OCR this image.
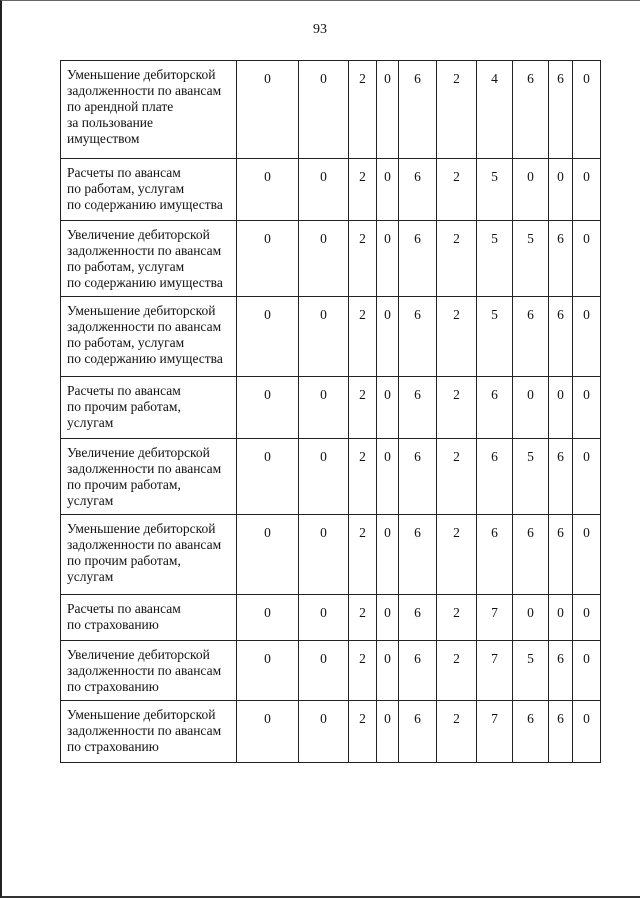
93
Уменьшение дебиторской
задолженности по авансам
по арендной плате
за пользование
имуществом	0	0	2	0	6	2	4	6	6	0

Расчеты по авансам
по работам, услугам
по содержанию имущества	0	0	2	0	6	2	5	0	0	0

Увеличение дебиторской
задолженности по авансам
по работам, услугам
по содержанию имущества	0	0	2	0	6	2	5	5	6	0

Уменьшение дебиторской
задолженности по авансам
по работам, услугам
по содержанию имущества	0	0	2	0	6	2	5	6	6	0

Расчеты по авансам
по прочим работам,
услугам	0	0	2	0	6	2	6	0	0	0

Увеличение дебиторской
задолженности по авансам
по прочим работам,
услугам	0	0	2	0	6	2	6	5	6	0

Уменьшение дебиторской
задолженности по авансам
по прочим работам,
услугам	0	0	2	0	6	2	6	6	6	0

Расчеты по авансам
по страхованию	0	0	2	0	6	2	7	0	0	0

Увеличение дебиторской
задолженности по авансам
по страхованию	0	0	2	0	6	2	7	5	6	0

Уменьшение дебиторской
задолженности по авансам
по страхованию	0	0	2	0	6	2	7	6	6	0
